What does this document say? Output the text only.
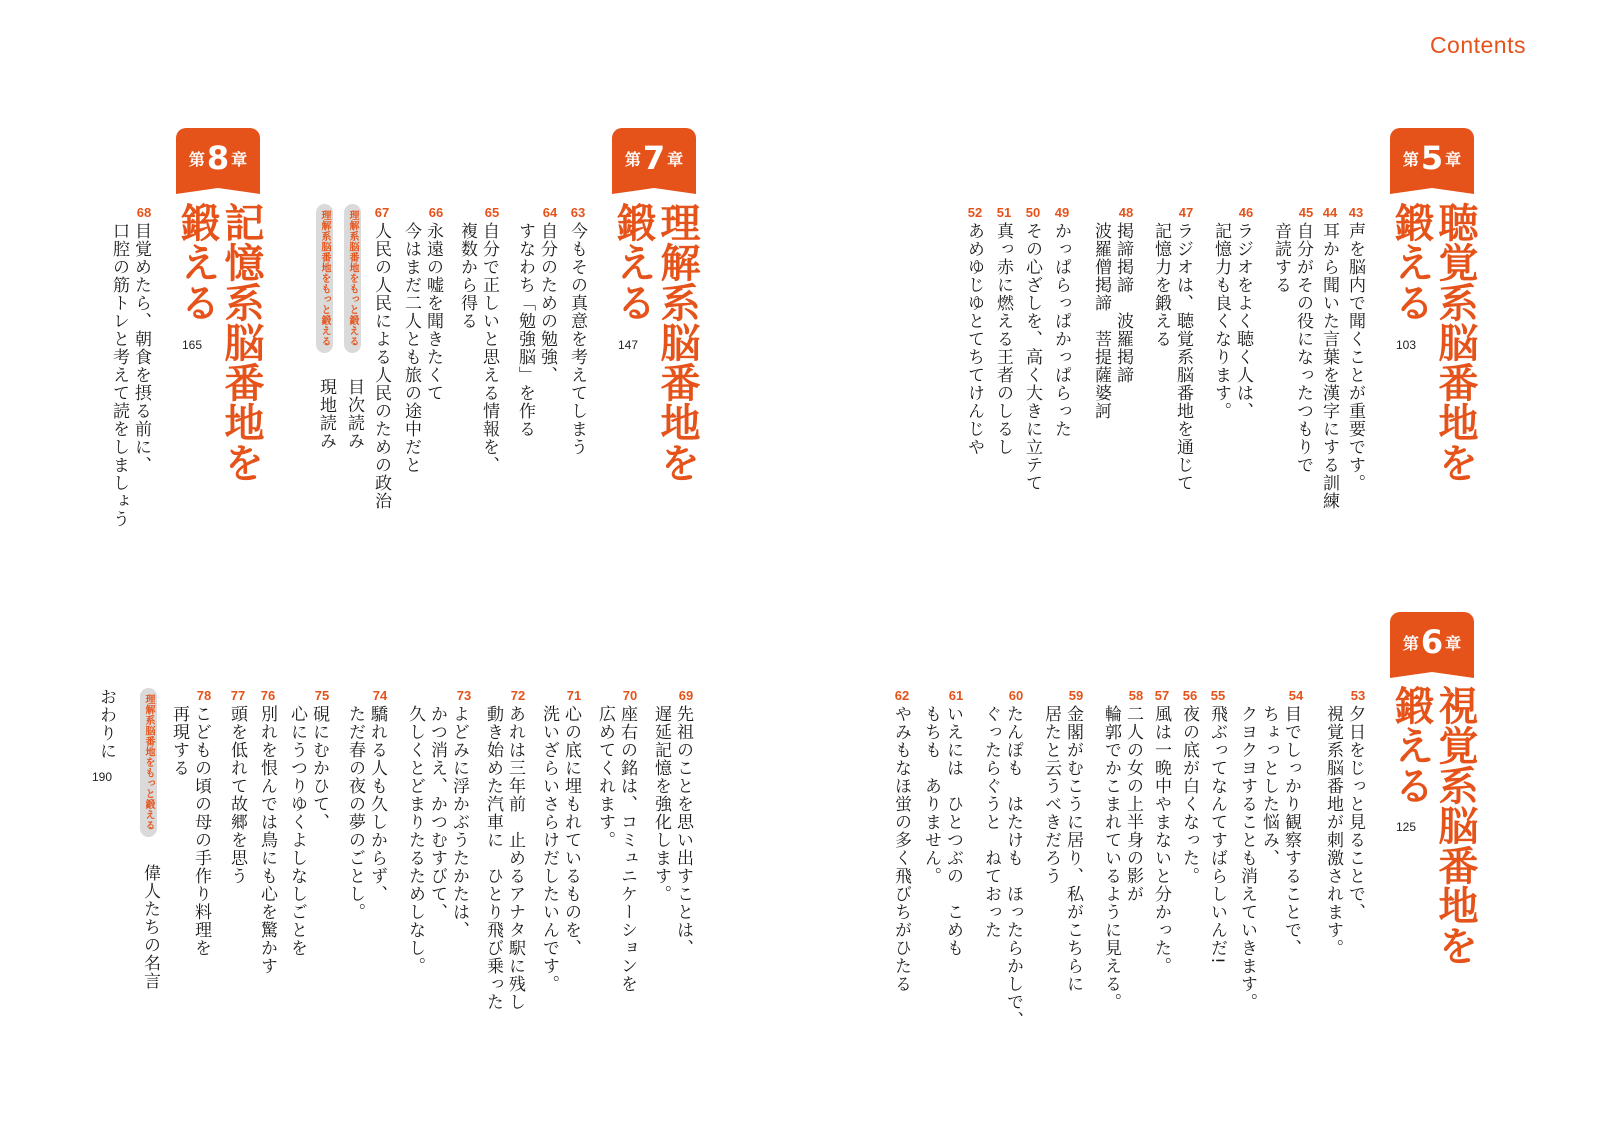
Contents
第 5 章
聴覚系脳番地を
鍛える
103
43
声を脳内で聞くことが重要です。
44
耳から聞いた言葉を漢字にする訓練
45
自分がその役になったつもりで
音読する
46
ラジオをよく聴く人は、
記憶力も良くなります。
47
ラジオは、聴覚系脳番地を通じて
記憶力を鍛える
48
掲諦掲諦　波羅掲諦
波羅僧掲諦　菩提薩婆訶
49
かっぱらっぱかっぱらった
50
その心ざしを、高く大きに立テて
51
真っ赤に燃える王者のしるし
52
あめゆじゆとてちてけんじや
第 6 章
視覚系脳番地を
鍛える
125
53
夕日をじっと見ることで、
視覚系脳番地が刺激されます。
54
目でしっかり観察することで、
ちょっとした悩み、
クヨクヨすることも消えていきます。
55
飛ぶってなんてすばらしいんだ!
56
夜の底が白くなった。
57
風は一晩中やまないと分かった。
58
二人の女の上半身の影が
輪郭でかこまれているように見える。
59
金閣がむこうに居り、私がこちらに
居たと云うべきだろう
60
たんぽも　はたけも　ほったらかしで、
ぐったらぐうと　ねておった
61
いえには　ひとつぶの　こめも
もちも　ありません。
62
やみもなほ蛍の多く飛びちがひたる
第 7 章
理解系脳番地を
鍛える
147
63
今もその真意を考えてしまう
64
自分のための勉強、
すなわち「勉強脳」を作る
65
自分で正しいと思える情報を、
複数から得る
66
永遠の嘘を聞きたくて
今はまだ二人とも旅の途中だと
67
人民の人民による人民のための政治
理解系脳番地をもっと鍛える
目次読み
理解系脳番地をもっと鍛える
現地読み
69
先祖のことを思い出すことは、
遅延記憶を強化します。
70
座右の銘は、コミュニケーションを
広めてくれます。
71
心の底に埋もれているものを、
洗いざらいさらけだしたいんです。
72
あれは三年前　止めるアナタ駅に残し
動き始めた汽車に　ひとり飛び乗った
73
よどみに浮かぶうたかたは、
かつ消え、かつむすびて、
久しくとどまりたるためしなし。
74
驕れる人も久しからず、
ただ春の夜の夢のごとし。
75
硯にむかひて、
心にうつりゆくよしなしごとを
76
別れを恨んでは鳥にも心を驚かす
77
頭を低れて故郷を思う
78
こどもの頃の母の手作り料理を
再現する
理解系脳番地をもっと鍛える
偉人たちの名言
第 8 章
記憶系脳番地を
鍛える
165
68
目覚めたら、朝食を摂る前に、
口腔の筋トレと考えて読をしましょう
おわりに
190
